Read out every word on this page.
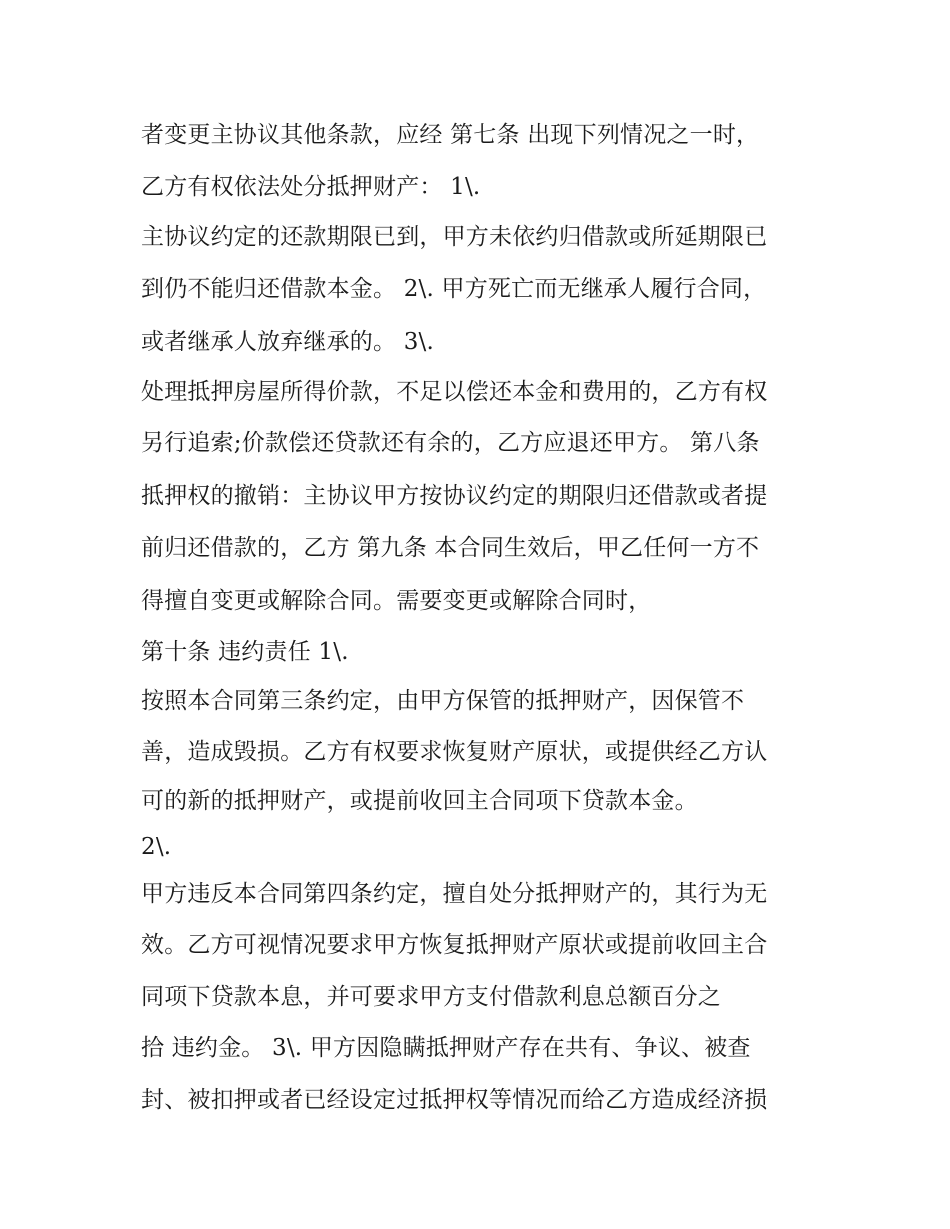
者变更主协议其他条款，应经 第七条 出现下列情况之一时，

乙方有权依法处分抵押财产： 1\.

主协议约定的还款期限已到，甲方未依约归借款或所延期限已

到仍不能归还借款本金。 2\. 甲方死亡而无继承人履行合同，

或者继承人放弃继承的。 3\.

处理抵押房屋所得价款，不足以偿还本金和费用的，乙方有权

另行追索;价款偿还贷款还有余的，乙方应退还甲方。 第八条

抵押权的撤销：主协议甲方按协议约定的期限归还借款或者提

前归还借款的，乙方 第九条 本合同生效后，甲乙任何一方不

得擅自变更或解除合同。需要变更或解除合同时，

第十条 违约责任 1\.

按照本合同第三条约定，由甲方保管的抵押财产，因保管不

善，造成毁损。乙方有权要求恢复财产原状，或提供经乙方认

可的新的抵押财产，或提前收回主合同项下贷款本金。

2\.

甲方违反本合同第四条约定，擅自处分抵押财产的，其行为无

效。乙方可视情况要求甲方恢复抵押财产原状或提前收回主合

同项下贷款本息，并可要求甲方支付借款利息总额百分之

拾 违约金。 3\. 甲方因隐瞒抵押财产存在共有、争议、被查

封、被扣押或者已经设定过抵押权等情况而给乙方造成经济损
